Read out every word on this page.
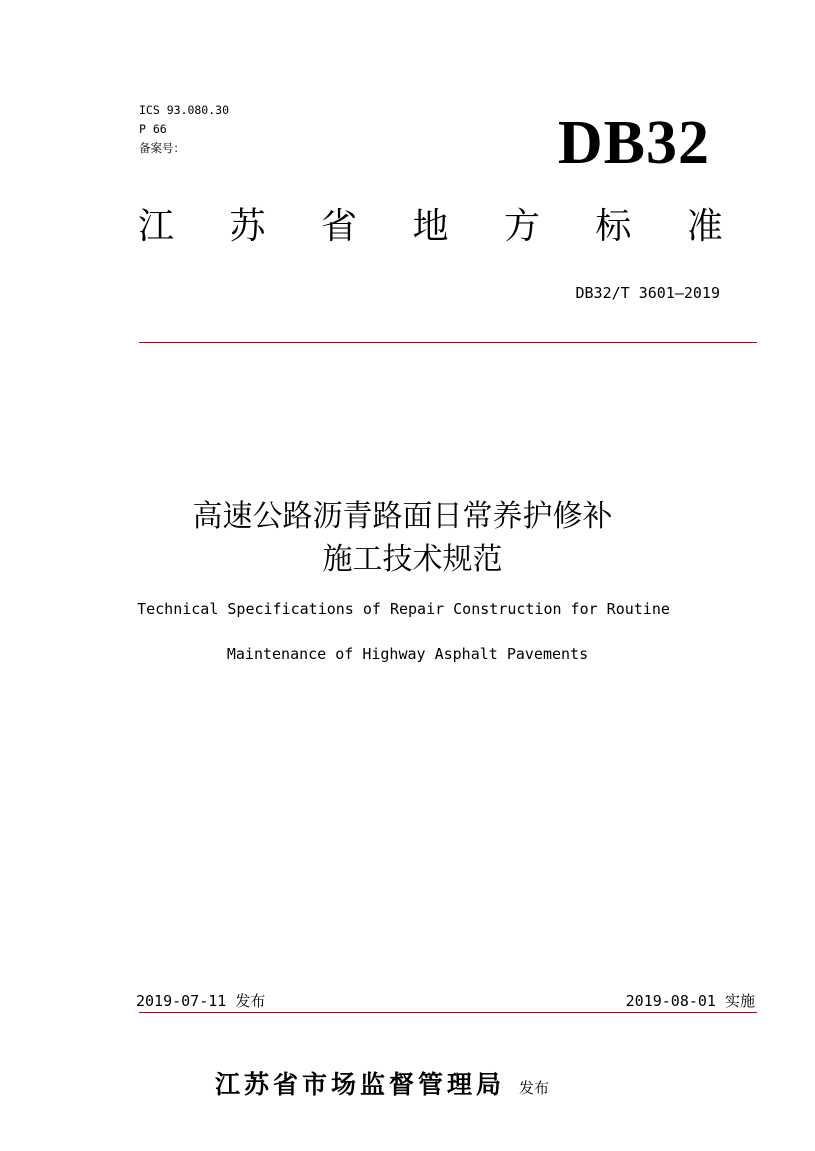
ICS 93.080.30
P 66
备案号：	DB32
江 苏 省 地 方 标 准
DB32/T 3601—2019
高速公路沥青路面日常养护修补
施工技术规范
Technical Specifications of Repair Construction for Routine
Maintenance of Highway Asphalt Pavements
2019-07-11 发布	2019-08-01 实施
江苏省市场监督管理局 发布
